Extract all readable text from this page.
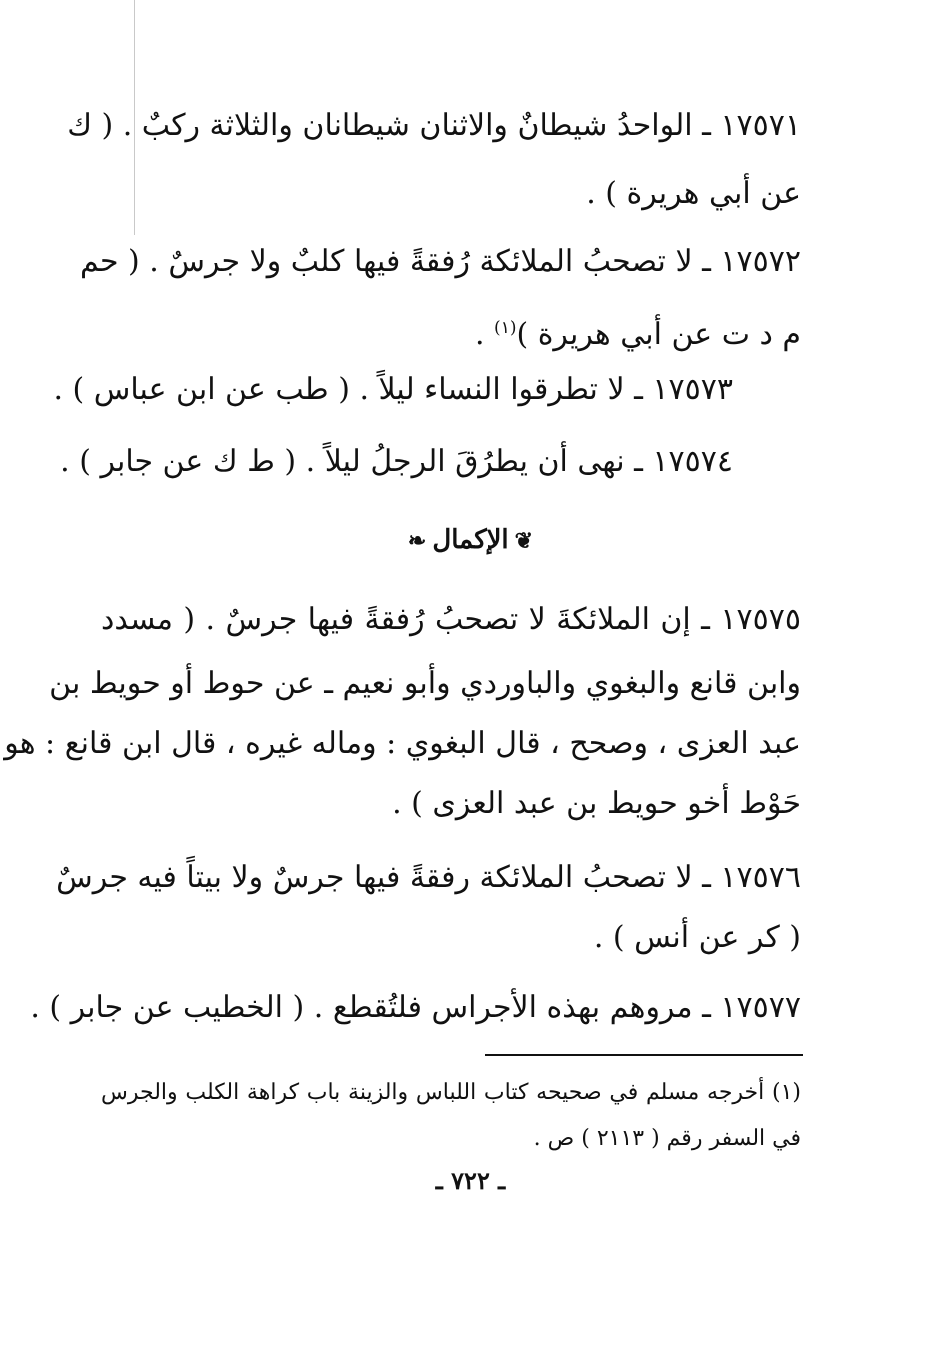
١٧٥٧١ ـ الواحدُ شيطانٌ والاثنان شيطانان والثلاثة ركبٌ . ( ك
عن أبي هريرة ) .
١٧٥٧٢ ـ لا تصحبُ الملائكة رُفقةً فيها كلبٌ ولا جرسٌ . ( حم
م د ت عن أبي هريرة )$^{(١)}$ .
١٧٥٧٣ ـ لا تطرقوا النساء ليلاً . ( طب عن ابن عباس ) .
١٧٥٧٤ ـ نهى أن يطرُقَ الرجلُ ليلاً . ( ط ك عن جابر ) .
❦الإكمال❧
١٧٥٧٥ ـ إن الملائكةَ لا تصحبُ رُفقةً فيها جرسٌ . ( مسدد
وابن قانع والبغوي والباوردي وأبو نعيم ـ عن حوط أو حويط بن
عبد العزى ، وصحح ، قال البغوي : وماله غيره ، قال ابن قانع : هو
حَوْط أخو حويط بن عبد العزى ) .
١٧٥٧٦ ـ لا تصحبُ الملائكة رفقةً فيها جرسٌ ولا بيتاً فيه جرسٌ
( كر عن أنس ) .
١٧٥٧٧ ـ مروهم بهذه الأجراس فلتُقطع . ( الخطيب عن جابر ) .
(١) أخرجه مسلم في صحيحه كتاب اللباس والزينة باب كراهة الكلب والجرس
في السفر رقم ( ٢١١٣ ) ص .
ـ ٧٢٢ ـ
